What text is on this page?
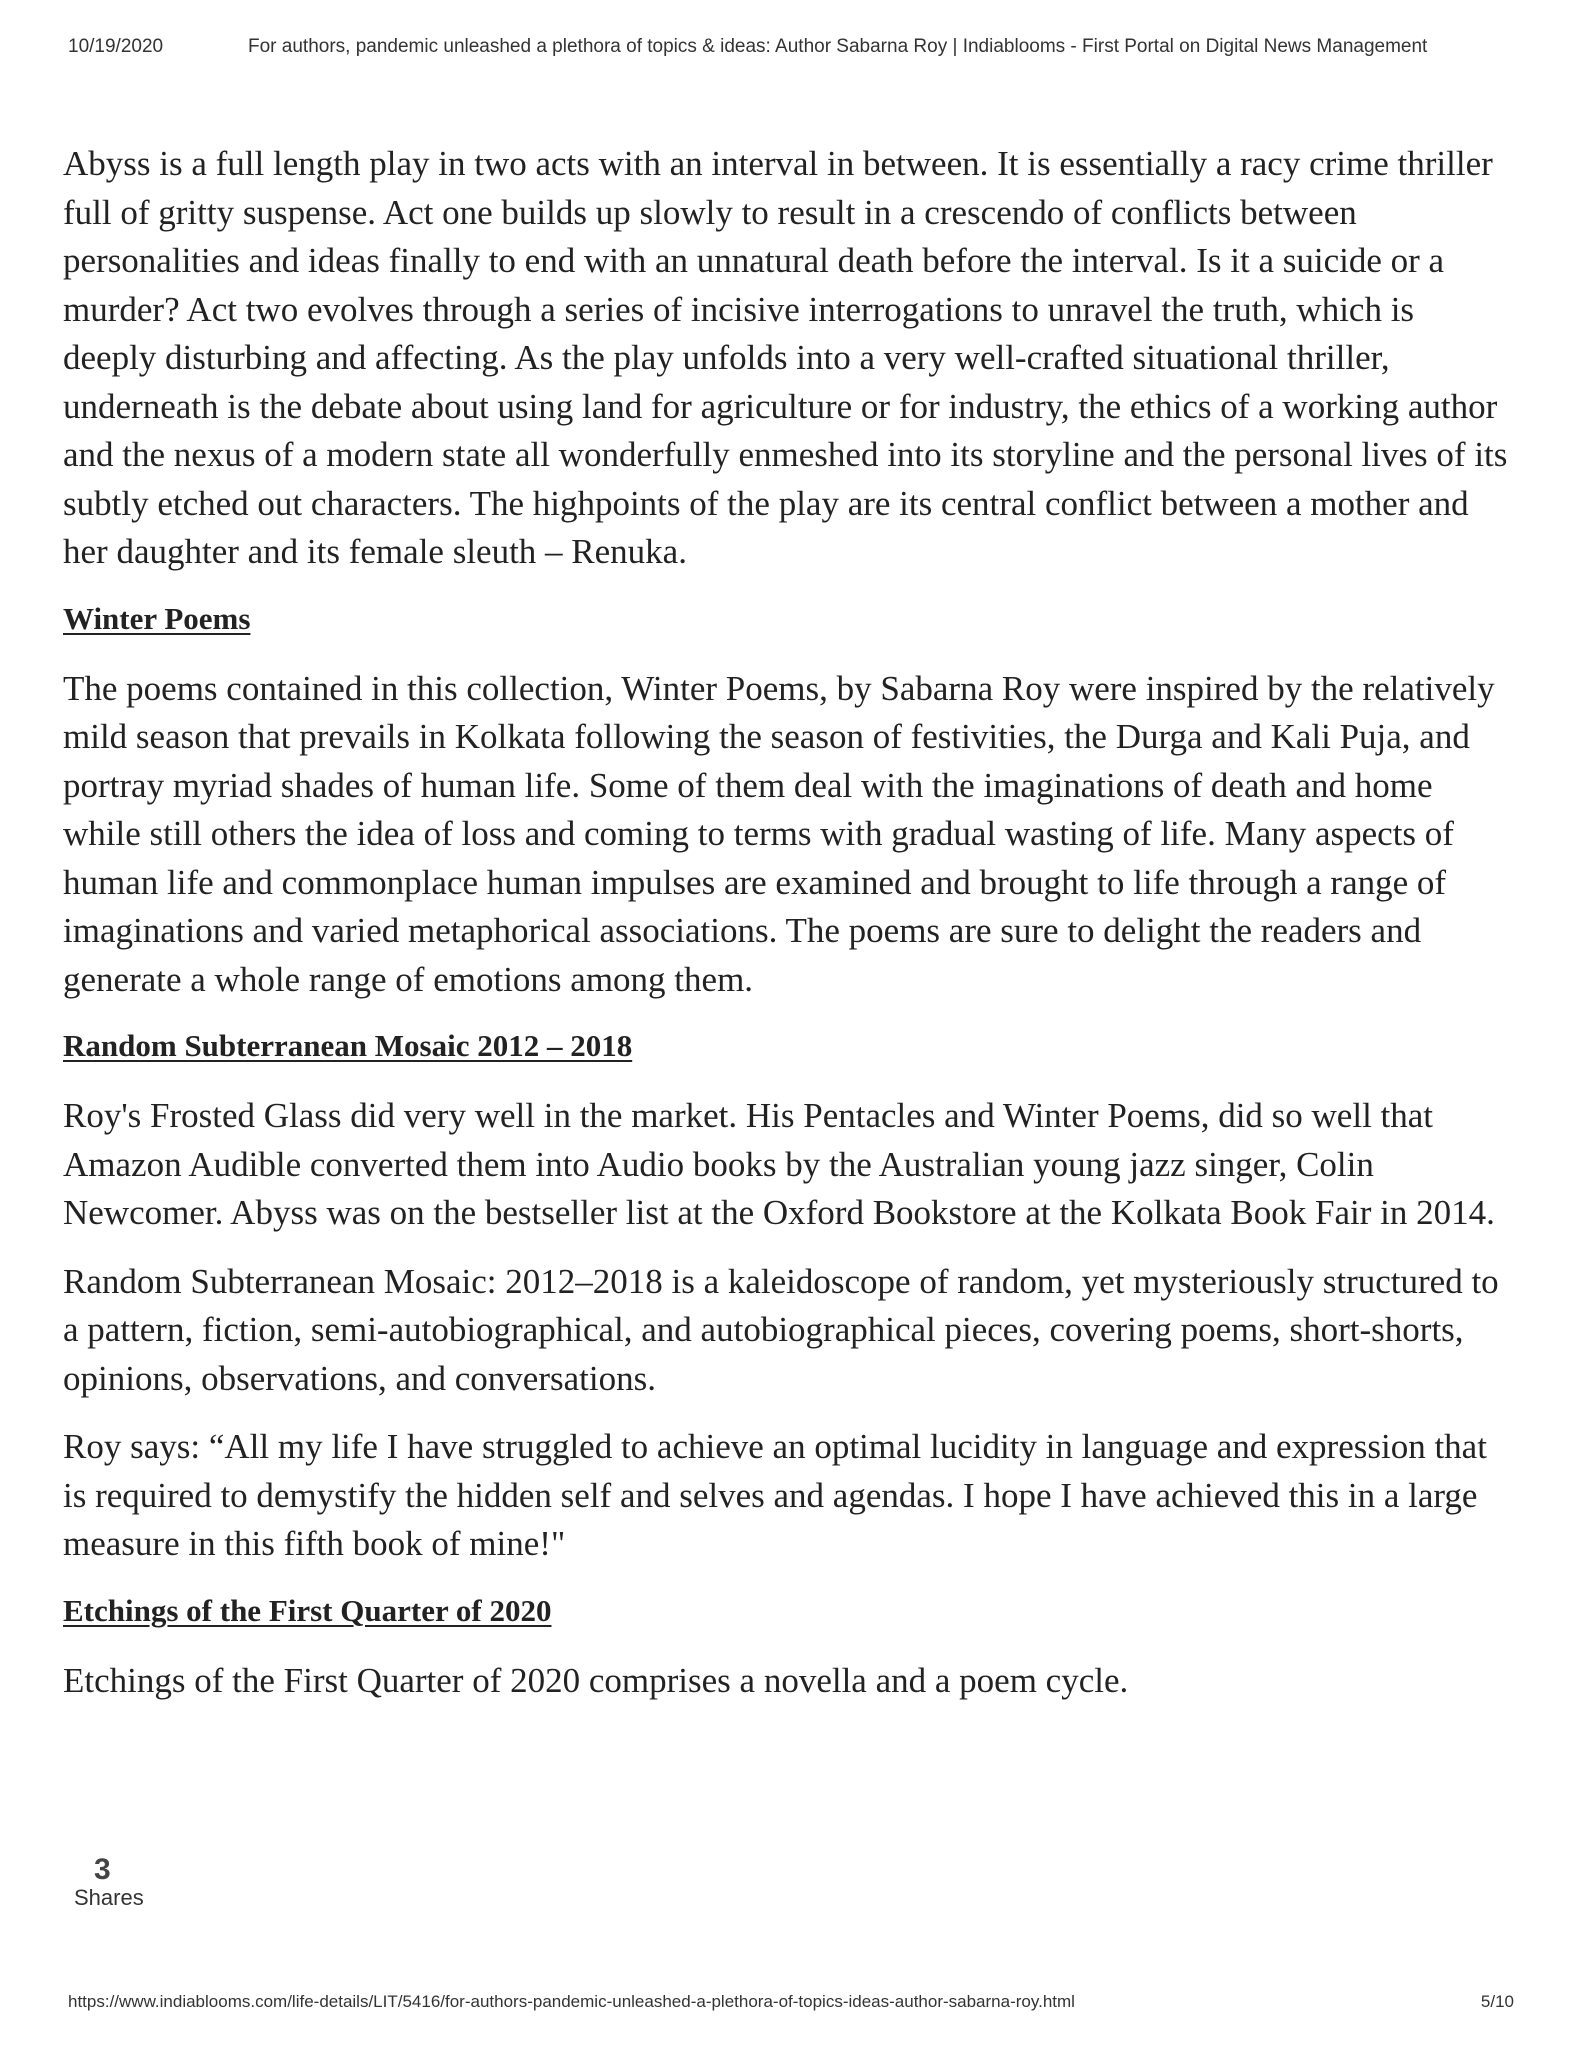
10/19/2020	For authors, pandemic unleashed a plethora of topics & ideas: Author Sabarna Roy | Indiablooms - First Portal on Digital News Management

Abyss is a full length play in two acts with an interval in between. It is essentially a racy crime thriller full of gritty suspense. Act one builds up slowly to result in a crescendo of conflicts between personalities and ideas finally to end with an unnatural death before the interval. Is it a suicide or a murder? Act two evolves through a series of incisive interrogations to unravel the truth, which is deeply disturbing and affecting. As the play unfolds into a very well-crafted situational thriller, underneath is the debate about using land for agriculture or for industry, the ethics of a working author and the nexus of a modern state all wonderfully enmeshed into its storyline and the personal lives of its subtly etched out characters. The highpoints of the play are its central conflict between a mother and her daughter and its female sleuth – Renuka.

Winter Poems

The poems contained in this collection, Winter Poems, by Sabarna Roy were inspired by the relatively mild season that prevails in Kolkata following the season of festivities, the Durga and Kali Puja, and portray myriad shades of human life. Some of them deal with the imaginations of death and home while still others the idea of loss and coming to terms with gradual wasting of life. Many aspects of human life and commonplace human impulses are examined and brought to life through a range of imaginations and varied metaphorical associations. The poems are sure to delight the readers and generate a whole range of emotions among them.

Random Subterranean Mosaic 2012 – 2018

Roy's Frosted Glass did very well in the market. His Pentacles and Winter Poems, did so well that Amazon Audible converted them into Audio books by the Australian young jazz singer, Colin Newcomer. Abyss was on the bestseller list at the Oxford Bookstore at the Kolkata Book Fair in 2014.

Random Subterranean Mosaic: 2012–2018 is a kaleidoscope of random, yet mysteriously structured to a pattern, fiction, semi-autobiographical, and autobiographical pieces, covering poems, short-shorts, opinions, observations, and conversations.

Roy says: “All my life I have struggled to achieve an optimal lucidity in language and expression that is required to demystify the hidden self and selves and agendas. I hope I have achieved this in a large measure in this fifth book of mine!"

Etchings of the First Quarter of 2020

Etchings of the First Quarter of 2020 comprises a novella and a poem cycle.

3
Shares
https://www.indiablooms.com/life-details/LIT/5416/for-authors-pandemic-unleashed-a-plethora-of-topics-ideas-author-sabarna-roy.html	5/10
